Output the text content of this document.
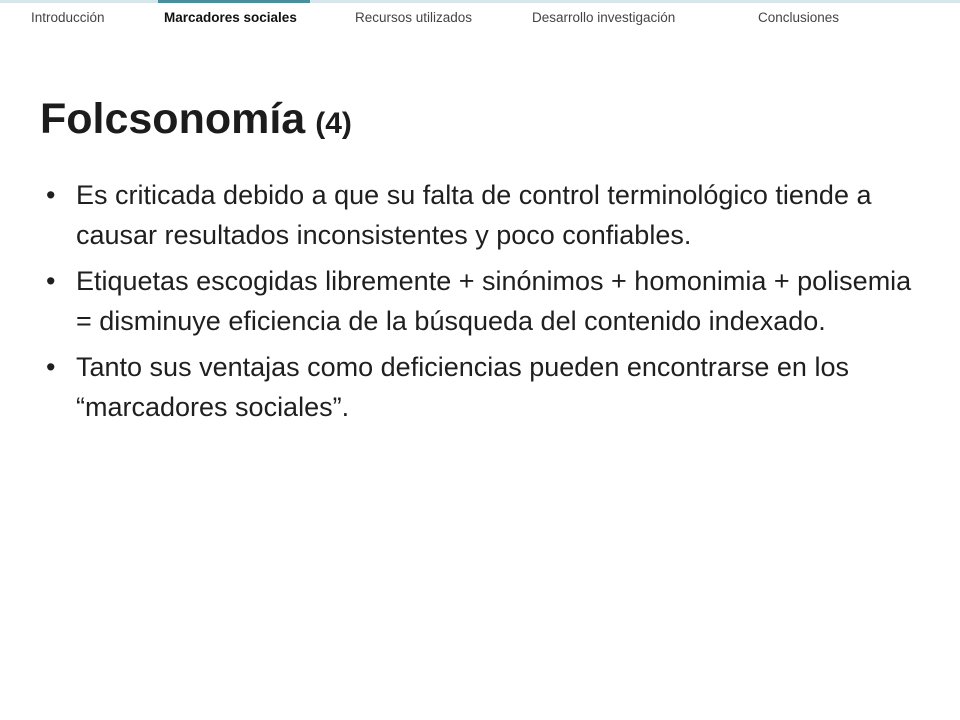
Introducción	Marcadores sociales	Recursos utilizados	Desarrollo investigación	Conclusiones
Folcsonomía (4)
• Es criticada debido a que su falta de control terminológico tiende a causar resultados inconsistentes y poco confiables.
• Etiquetas escogidas libremente + sinónimos + homonimia + polisemia = disminuye eficiencia de la búsqueda del contenido indexado.
• Tanto sus ventajas como deficiencias pueden encontrarse en los “marcadores sociales”.
